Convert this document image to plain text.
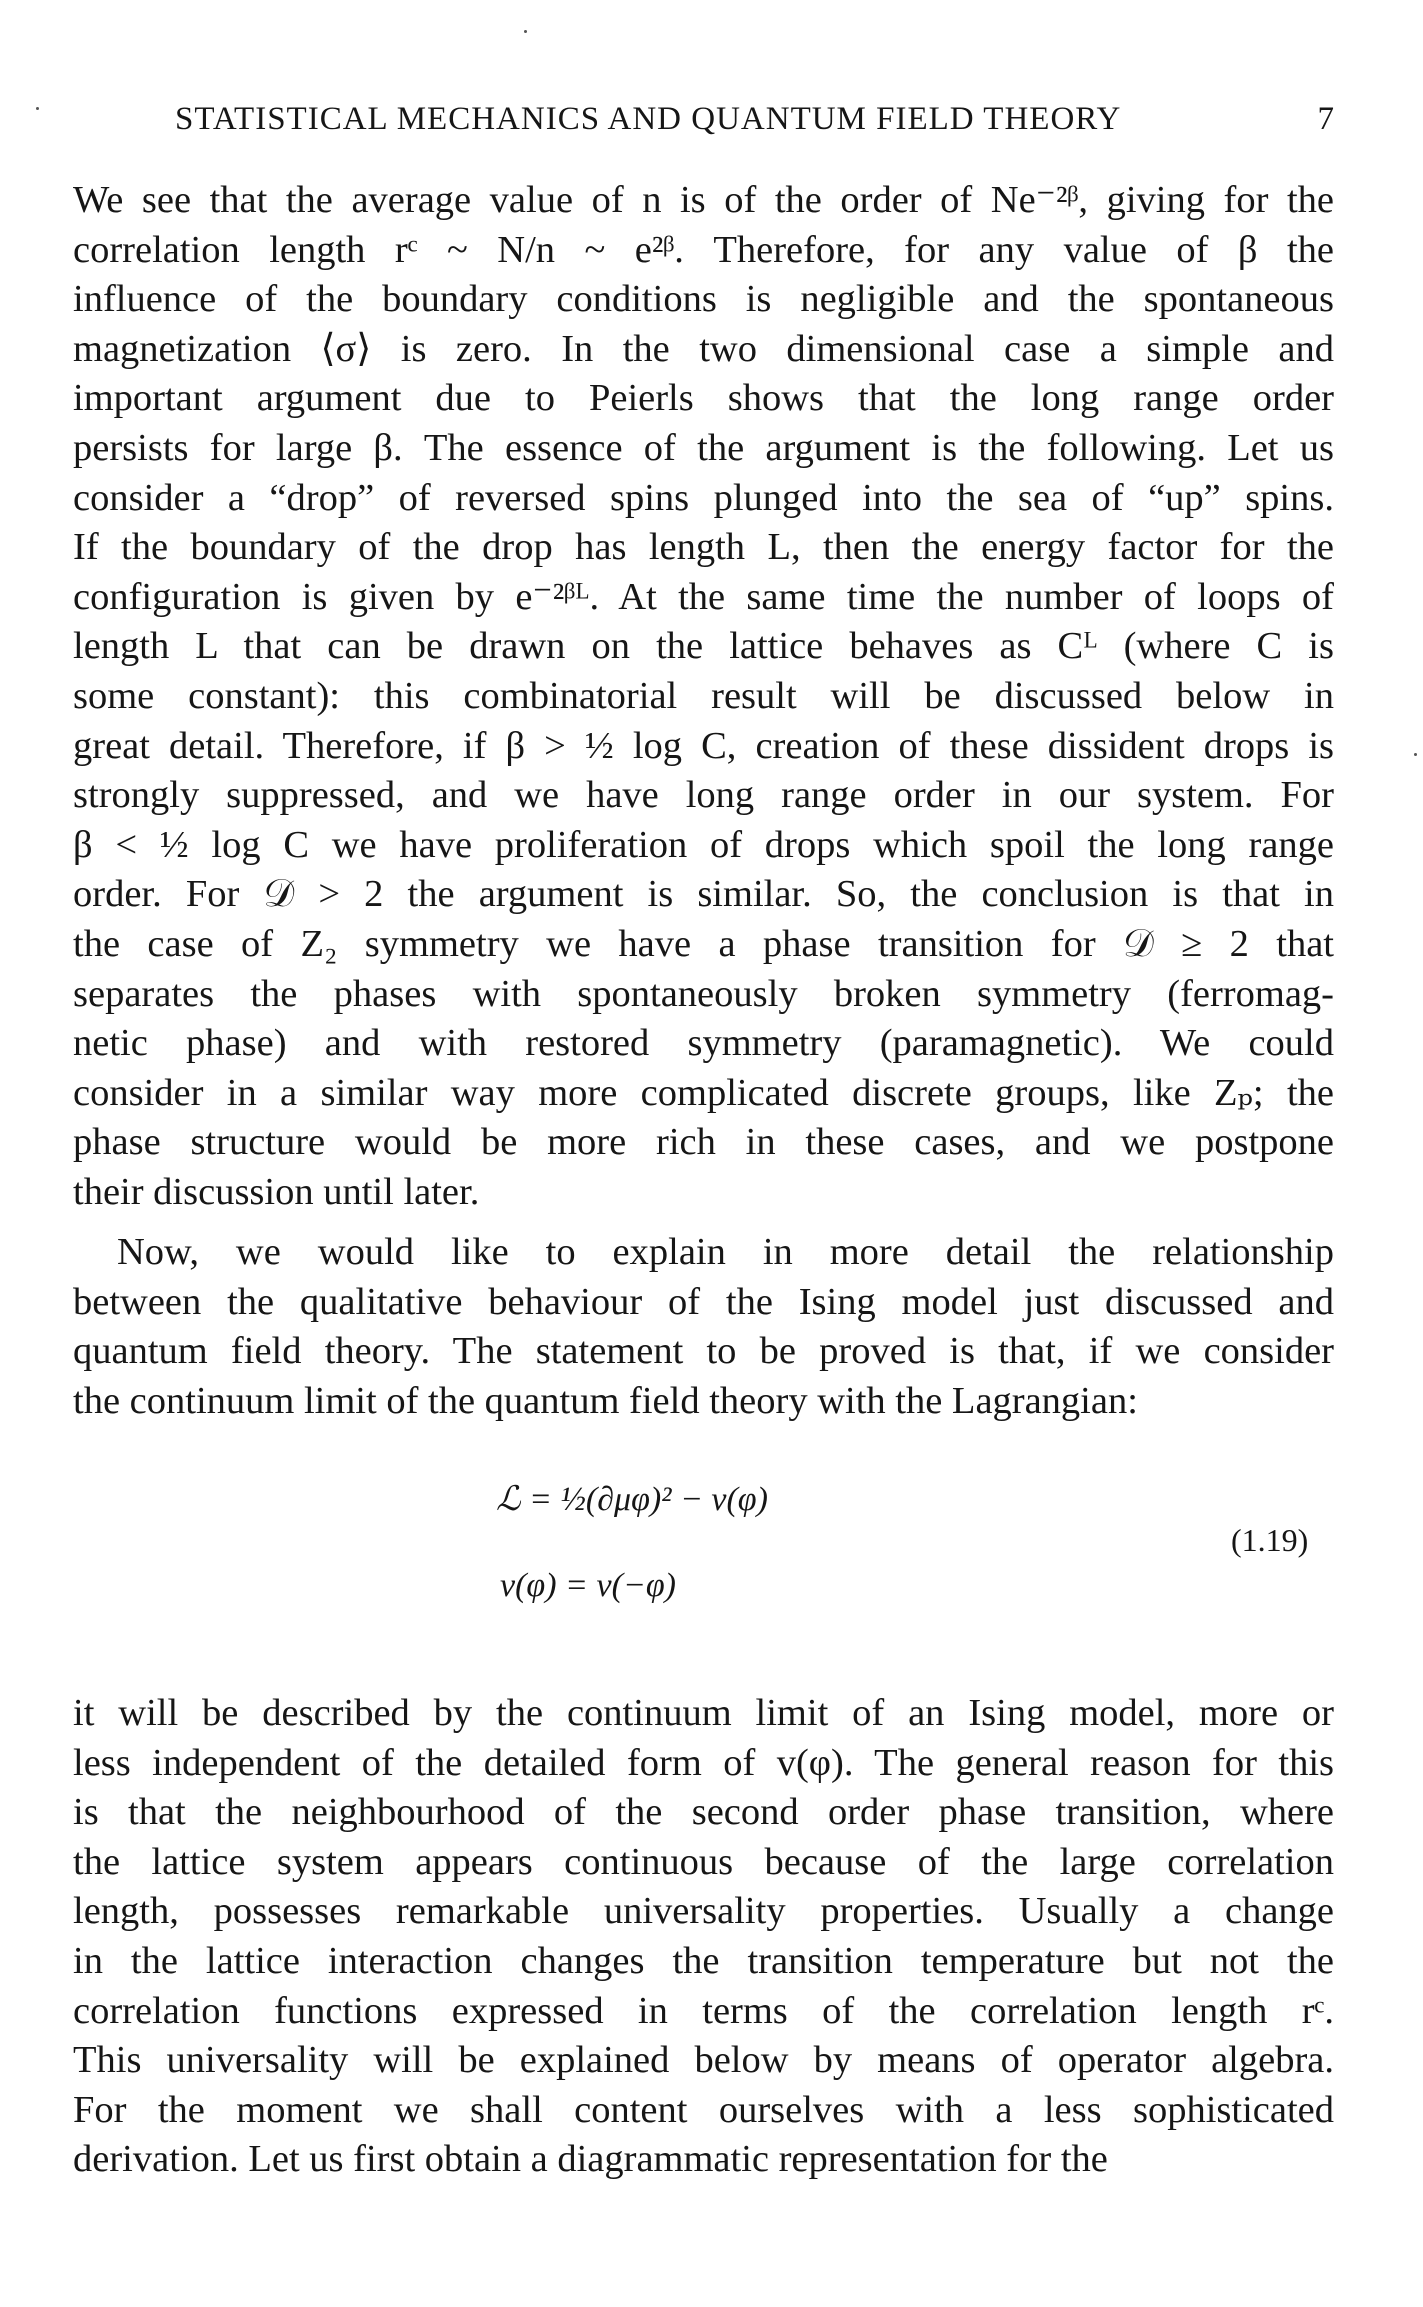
STATISTICAL MECHANICS AND QUANTUM FIELD THEORY	7
We see that the average value of n is of the order of Ne⁻²ᵝ, giving for the
correlation length rᶜ ~ N/n ~ e²ᵝ. Therefore, for any value of β the
influence of the boundary conditions is negligible and the spontaneous
magnetization ⟨σ⟩ is zero. In the two dimensional case a simple and
important argument due to Peierls shows that the long range order
persists for large β. The essence of the argument is the following. Let us
consider a “drop” of reversed spins plunged into the sea of “up” spins.
If the boundary of the drop has length L, then the energy factor for the
configuration is given by e⁻²ᵝᴸ. At the same time the number of loops of
length L that can be drawn on the lattice behaves as Cᴸ (where C is
some constant): this combinatorial result will be discussed below in
great detail. Therefore, if β > ½ log C, creation of these dissident drops is
strongly suppressed, and we have long range order in our system. For
β < ½ log C we have proliferation of drops which spoil the long range
order. For 𝒟 > 2 the argument is similar. So, the conclusion is that in
the case of Z₂ symmetry we have a phase transition for 𝒟 ≥ 2 that
separates the phases with spontaneously broken symmetry (ferromag-
netic phase) and with restored symmetry (paramagnetic). We could
consider in a similar way more complicated discrete groups, like Zₚ; the
phase structure would be more rich in these cases, and we postpone
their discussion until later.
Now, we would like to explain in more detail the relationship
between the qualitative behaviour of the Ising model just discussed and
quantum field theory. The statement to be proved is that, if we consider
the continuum limit of the quantum field theory with the Lagrangian:
ℒ = ½(∂μφ)² − v(φ)
v(φ) = v(−φ)
(1.19)
it will be described by the continuum limit of an Ising model, more or
less independent of the detailed form of v(φ). The general reason for this
is that the neighbourhood of the second order phase transition, where
the lattice system appears continuous because of the large correlation
length, possesses remarkable universality properties. Usually a change
in the lattice interaction changes the transition temperature but not the
correlation functions expressed in terms of the correlation length rᶜ.
This universality will be explained below by means of operator algebra.
For the moment we shall content ourselves with a less sophisticated
derivation. Let us first obtain a diagrammatic representation for the
